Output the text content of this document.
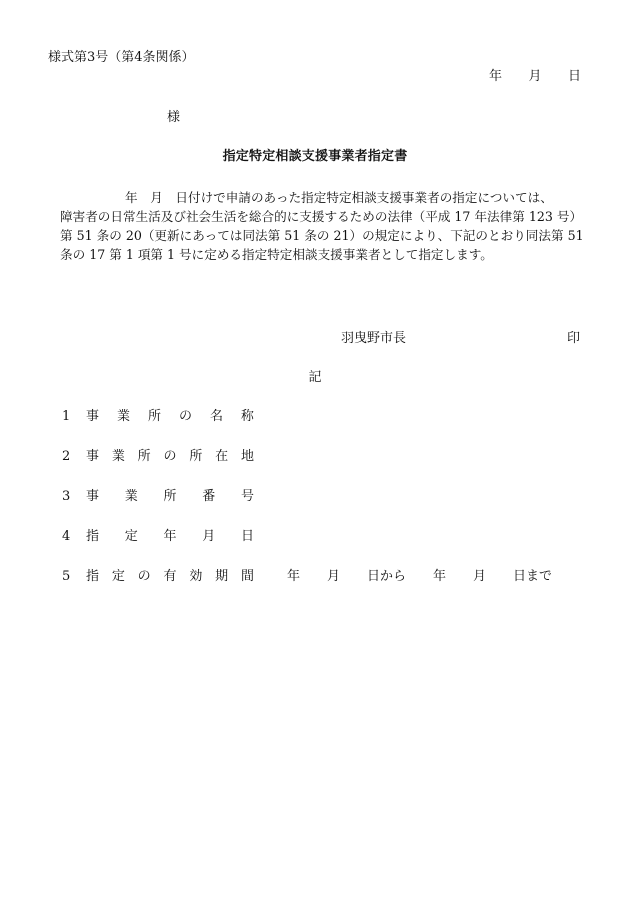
様式第3号（第4条関係）
年 月 日
様
指定特定相談支援事業者指定書

年　月　日付けで申請のあった指定特定相談支援事業者の指定については、

障害者の日常生活及び社会生活を総合的に支援するための法律（平成 17 年法律第 123 号）

第 51 条の 20（更新にあっては同法第 51 条の 21）の規定により、下記のとおり同法第 51

条の 17 第 1 項第 1 号に定める指定特定相談支援事業者として指定します。

羽曳野市長	印
記
1	事 業 所 の 名 称
2	事 業 所 の 所 在 地
3	事 業 所 番 号
4	指 定 年 月 日
5	指 定 の 有 効 期 間	年	月	日から	年	月	日まで
